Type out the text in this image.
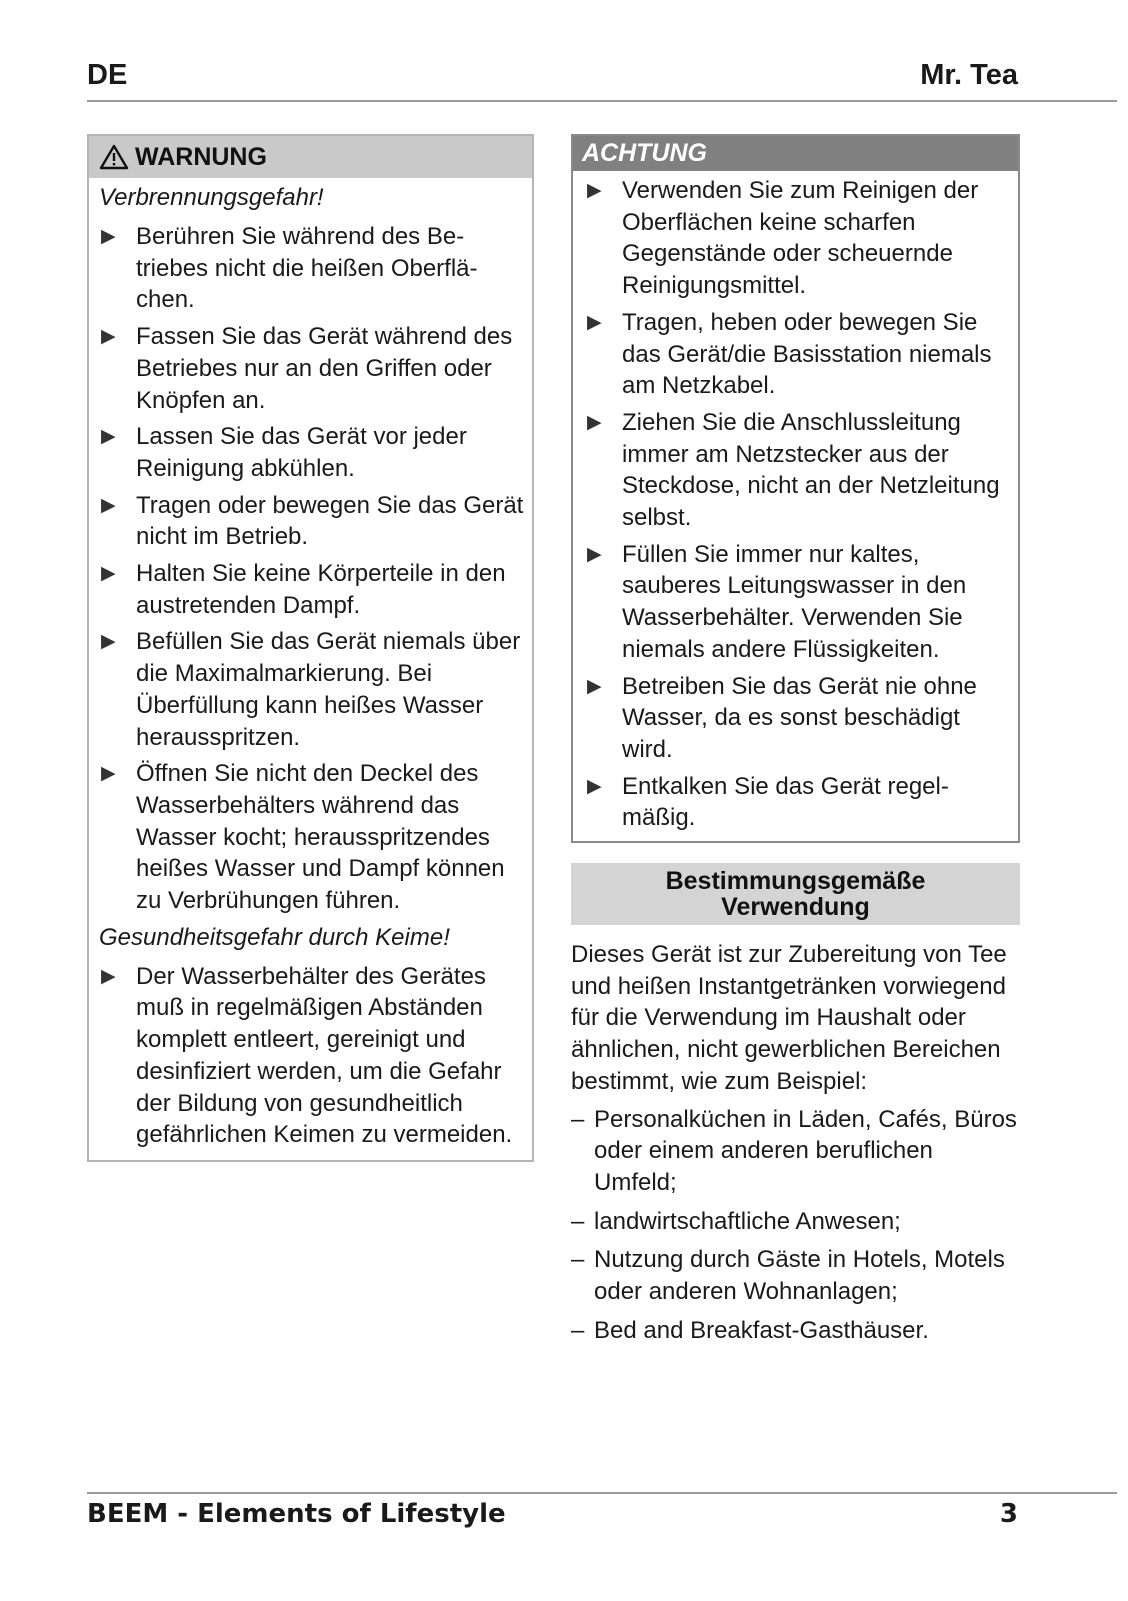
DE	Mr. Tea
WARNUNG
Verbrennungsgefahr!
▶ Berühren Sie während des Betriebes nicht die heißen Oberflächen.
▶ Fassen Sie das Gerät während des Betriebes nur an den Griffen oder Knöpfen an.
▶ Lassen Sie das Gerät vor jeder Reinigung abkühlen.
▶ Tragen oder bewegen Sie das Gerät nicht im Betrieb.
▶ Halten Sie keine Körperteile in den austretenden Dampf.
▶ Befüllen Sie das Gerät niemals über die Maximalmarkierung. Bei Überfüllung kann heißes Wasser herausspritzen.
▶ Öffnen Sie nicht den Deckel des Wasserbehälters während das Wasser kocht; herausspritzendes heißes Wasser und Dampf können zu Verbrühungen führen.
Gesundheitsgefahr durch Keime!
▶ Der Wasserbehälter des Gerätes muß in regelmäßigen Abständen komplett entleert, gereinigt und desinfiziert werden, um die Gefahr der Bildung von gesundheitlich gefährlichen Keimen zu vermeiden.
ACHTUNG
▶ Verwenden Sie zum Reinigen der Oberflächen keine scharfen Gegenstände oder scheuernde Reinigungsmittel.
▶ Tragen, heben oder bewegen Sie das Gerät/die Basisstation niemals am Netzkabel.
▶ Ziehen Sie die Anschlussleitung immer am Netzstecker aus der Steckdose, nicht an der Netzleitung selbst.
▶ Füllen Sie immer nur kaltes, sauberes Leitungswasser in den Wasserbehälter. Verwenden Sie niemals andere Flüssigkeiten.
▶ Betreiben Sie das Gerät nie ohne Wasser, da es sonst beschädigt wird.
▶ Entkalken Sie das Gerät regelmäßig.
Bestimmungsgemäße
Verwendung
Dieses Gerät ist zur Zubereitung von Tee und heißen Instantgetränken vorwiegend für die Verwendung im Haushalt oder ähnlichen, nicht gewerblichen Bereichen bestimmt, wie zum Beispiel:
– Personalküchen in Läden, Cafés, Büros oder einem anderen beruflichen Umfeld;
– landwirtschaftliche Anwesen;
– Nutzung durch Gäste in Hotels, Motels oder anderen Wohnanlagen;
– Bed and Breakfast-Gasthäuser.
BEEM - Elements of Lifestyle	3
